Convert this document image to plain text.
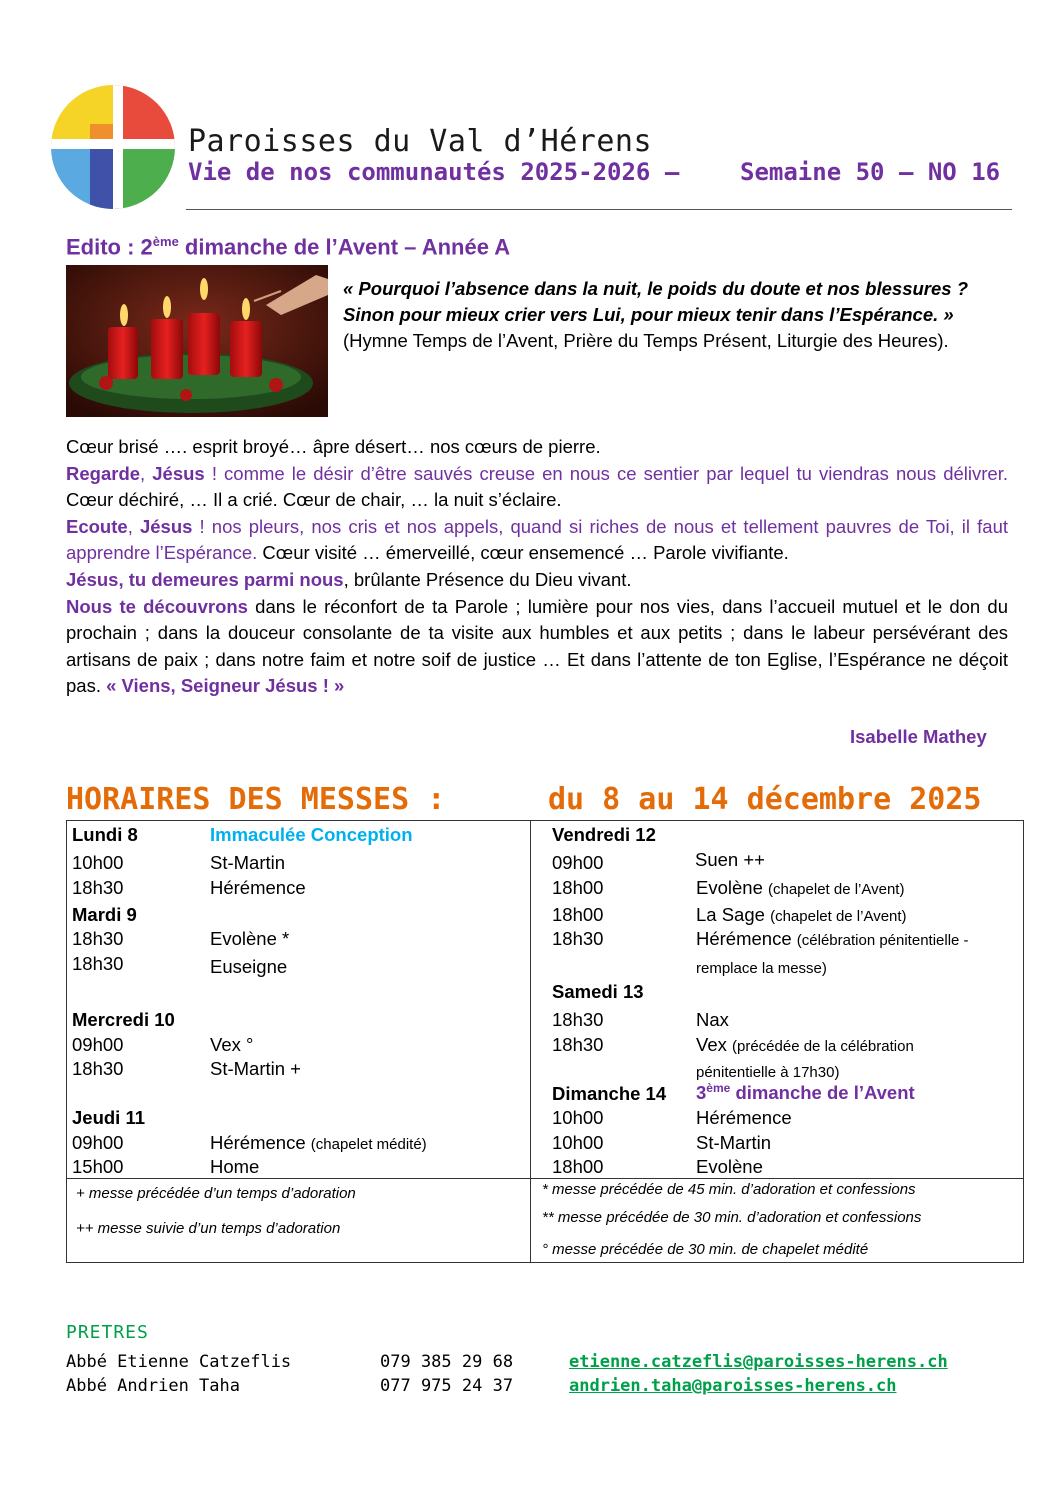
Paroisses du Val d’Hérens
Vie de nos communautés 2025-2026 –	Semaine 50 – NO 16
Edito : 2ème dimanche de l’Avent – Année A
« Pourquoi l’absence dans la nuit, le poids du doute et nos blessures ?
Sinon pour mieux crier vers Lui, pour mieux tenir dans l’Espérance. »
(Hymne Temps de l’Avent, Prière du Temps Présent, Liturgie des Heures).

Cœur brisé …. esprit broyé… âpre désert… nos cœurs de pierre.

Regarde, Jésus ! comme le désir d’être sauvés creuse en nous ce sentier par lequel tu viendras nous délivrer. Cœur déchiré, … Il a crié. Cœur de chair, … la nuit s’éclaire.

Ecoute, Jésus ! nos pleurs, nos cris et nos appels, quand si riches de nous et tellement pauvres de Toi, il faut apprendre l’Espérance. Cœur visité … émerveillé, cœur ensemencé … Parole vivifiante.

Jésus, tu demeures parmi nous, brûlante Présence du Dieu vivant.

Nous te découvrons dans le réconfort de ta Parole ; lumière pour nos vies, dans l’accueil mutuel et le don du prochain ; dans la douceur consolante de ta visite aux humbles et aux petits ; dans le labeur persévérant des artisans de paix ; dans notre faim et notre soif de justice … Et dans l’attente de ton Eglise, l’Espérance ne déçoit pas. « Viens, Seigneur Jésus ! »

Isabelle Mathey
HORAIRES DES MESSES :	du 8 au 14 décembre 2025
Lundi 8	Immaculée Conception
10h00	St-Martin
18h30	Hérémence
Mardi 9
18h30	Evolène *
18h30	Euseigne
Mercredi 10
09h00	Vex °
18h30	St-Martin +
Jeudi 11
09h00	Hérémence (chapelet médité)
15h00	Home
Vendredi 12
09h00	Suen ++
18h00	Evolène (chapelet de l’Avent)
18h00	La Sage (chapelet de l’Avent)
18h30	Hérémence (célébration pénitentielle -
remplace la messe)
Samedi 13
18h30	Nax
18h30	Vex (précédée de la célébration
pénitentielle à 17h30)
Dimanche 14 3ème dimanche de l’Avent
10h00	Hérémence
10h00	St-Martin
18h00	Evolène
+ messe précédée d’un temps d’adoration
++ messe suivie d’un temps d’adoration
* messe précédée de 45 min. d’adoration et confessions
** messe précédée de 30 min. d’adoration et confessions
° messe précédée de 30 min. de chapelet médité
PRETRES
Abbé Etienne Catzeflis	079 385 29 68	etienne.catzeflis@paroisses-herens.ch
Abbé Andrien Taha	077 975 24 37	andrien.taha@paroisses-herens.ch
